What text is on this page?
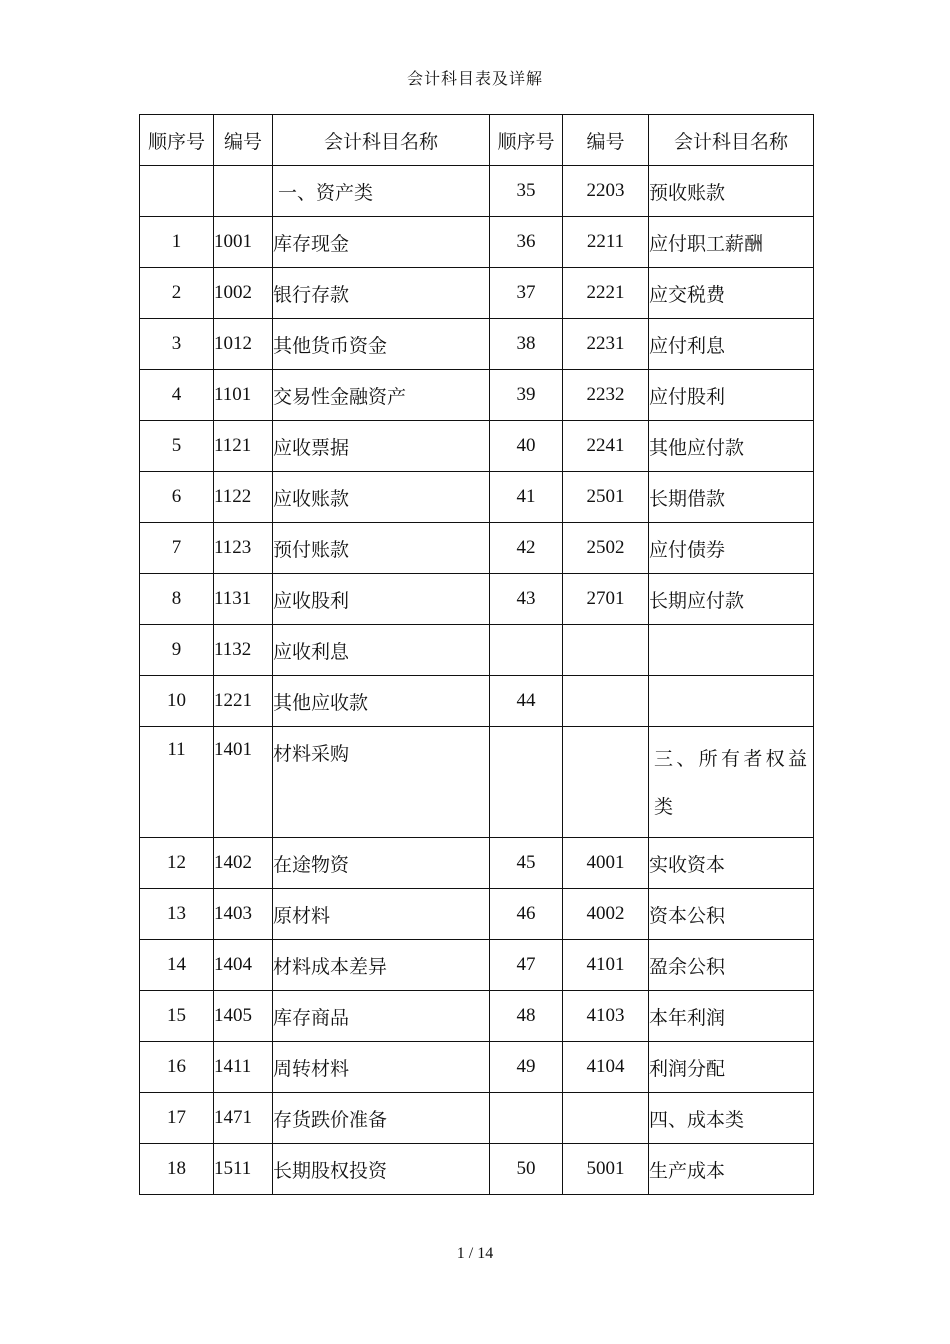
会计科目表及详解
顺序号	编号	会计科目名称	顺序号	编号	会计科目名称
		一、资产类	35	2203	预收账款
1	1001	库存现金	36	2211	应付职工薪酬
2	1002	银行存款	37	2221	应交税费
3	1012	其他货币资金	38	2231	应付利息
4	1101	交易性金融资产	39	2232	应付股利
5	1121	应收票据	40	2241	其他应付款
6	1122	应收账款	41	2501	长期借款
7	1123	预付账款	42	2502	应付债券
8	1131	应收股利	43	2701	长期应付款
9	1132	应收利息			
10	1221	其他应收款	44		
11	1401	材料采购			三、所有者权益类
12	1402	在途物资	45	4001	实收资本
13	1403	原材料	46	4002	资本公积
14	1404	材料成本差异	47	4101	盈余公积
15	1405	库存商品	48	4103	本年利润
16	1411	周转材料	49	4104	利润分配
17	1471	存货跌价准备			四、成本类
18	1511	长期股权投资	50	5001	生产成本
1 / 14
